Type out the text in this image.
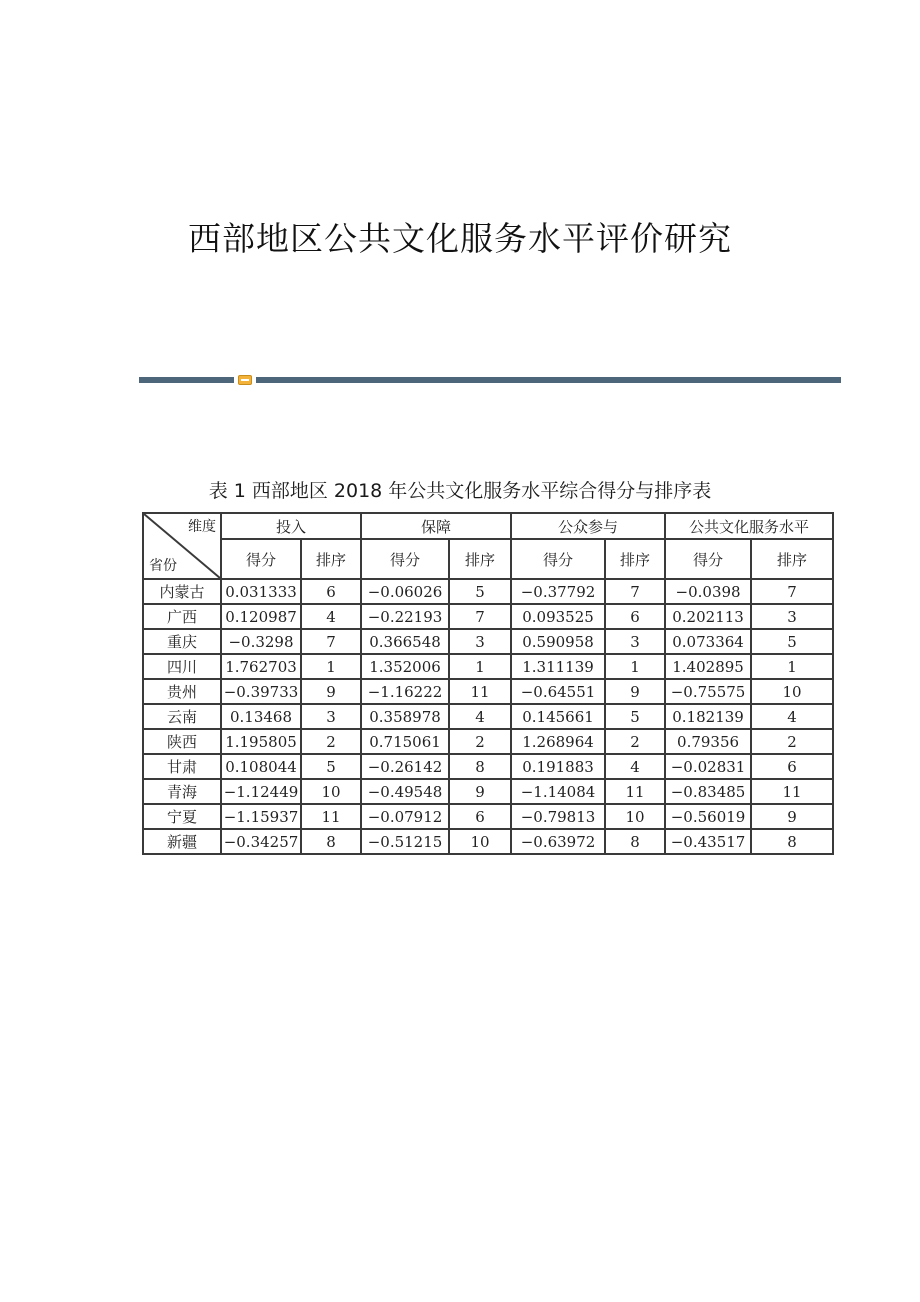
西部地区公共文化服务水平评价研究
表 1 西部地区 2018 年公共文化服务水平综合得分与排序表
维度
省份	投入		保障		公众参与		公共文化服务水平	
	得分	排序	得分	排序	得分	排序	得分	排序
内蒙古	0.031333	6	−0.06026	5	−0.37792	7	−0.0398	7
广西	0.120987	4	−0.22193	7	0.093525	6	0.202113	3
重庆	−0.3298	7	0.366548	3	0.590958	3	0.073364	5
四川	1.762703	1	1.352006	1	1.311139	1	1.402895	1
贵州	−0.39733	9	−1.16222	11	−0.64551	9	−0.75575	10
云南	0.13468	3	0.358978	4	0.145661	5	0.182139	4
陕西	1.195805	2	0.715061	2	1.268964	2	0.79356	2
甘肃	0.108044	5	−0.26142	8	0.191883	4	−0.02831	6
青海	−1.12449	10	−0.49548	9	−1.14084	11	−0.83485	11
宁夏	−1.15937	11	−0.07912	6	−0.79813	10	−0.56019	9
新疆	−0.34257	8	−0.51215	10	−0.63972	8	−0.43517	8
